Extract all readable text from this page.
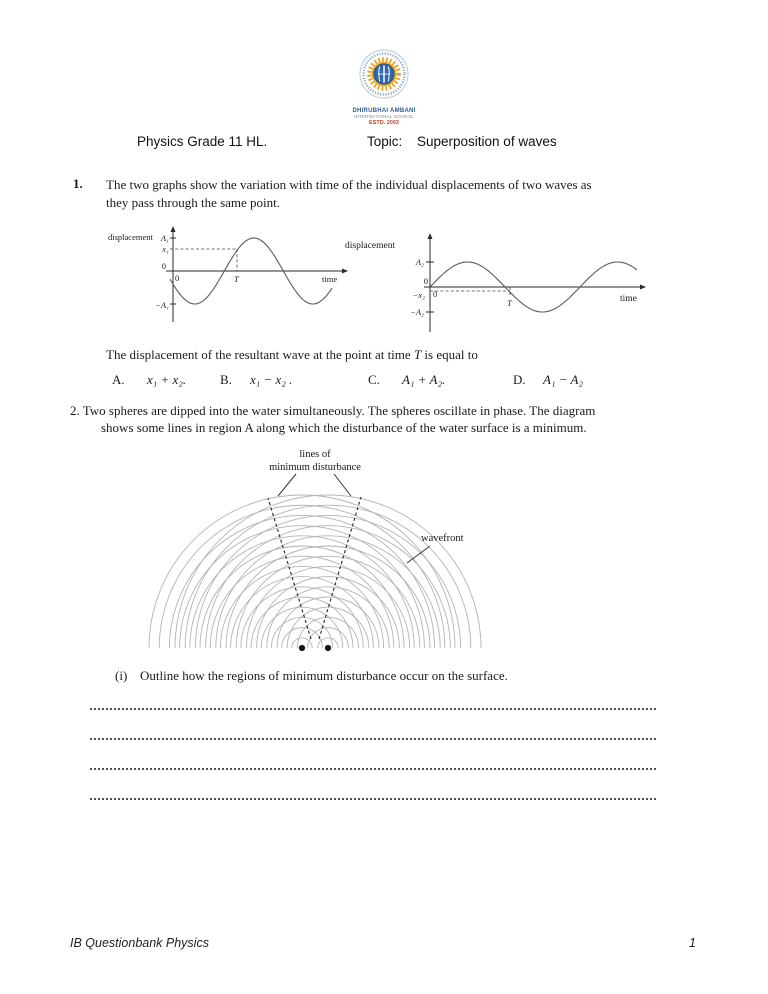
DHIRUBHAI AMBANI
INTERNATIONAL SCHOOL
ESTD. 2003
Physics Grade 11 HL.	Topic: Superposition of waves
1. The two graphs show the variation with time of the individual displacements of two waves as
they pass through the same point.
displacement A₁
x₁
0
0	T	time
−A₁
displacement
A₂
0
0
−x₂
T	time
−A₂
The displacement of the resultant wave at the point at time T is equal to
A. x₁ + x₂.	B. x₁ − x₂ .	C. A₁ + A₂.	D. A₁ − A₂
2. Two spheres are dipped into the water simultaneously. The spheres oscillate in phase. The diagram
shows some lines in region A along which the disturbance of the water surface is a minimum.
lines of
minimum disturbance
wavefront
(i) Outline how the regions of minimum disturbance occur on the surface.
IB Questionbank Physics	1
